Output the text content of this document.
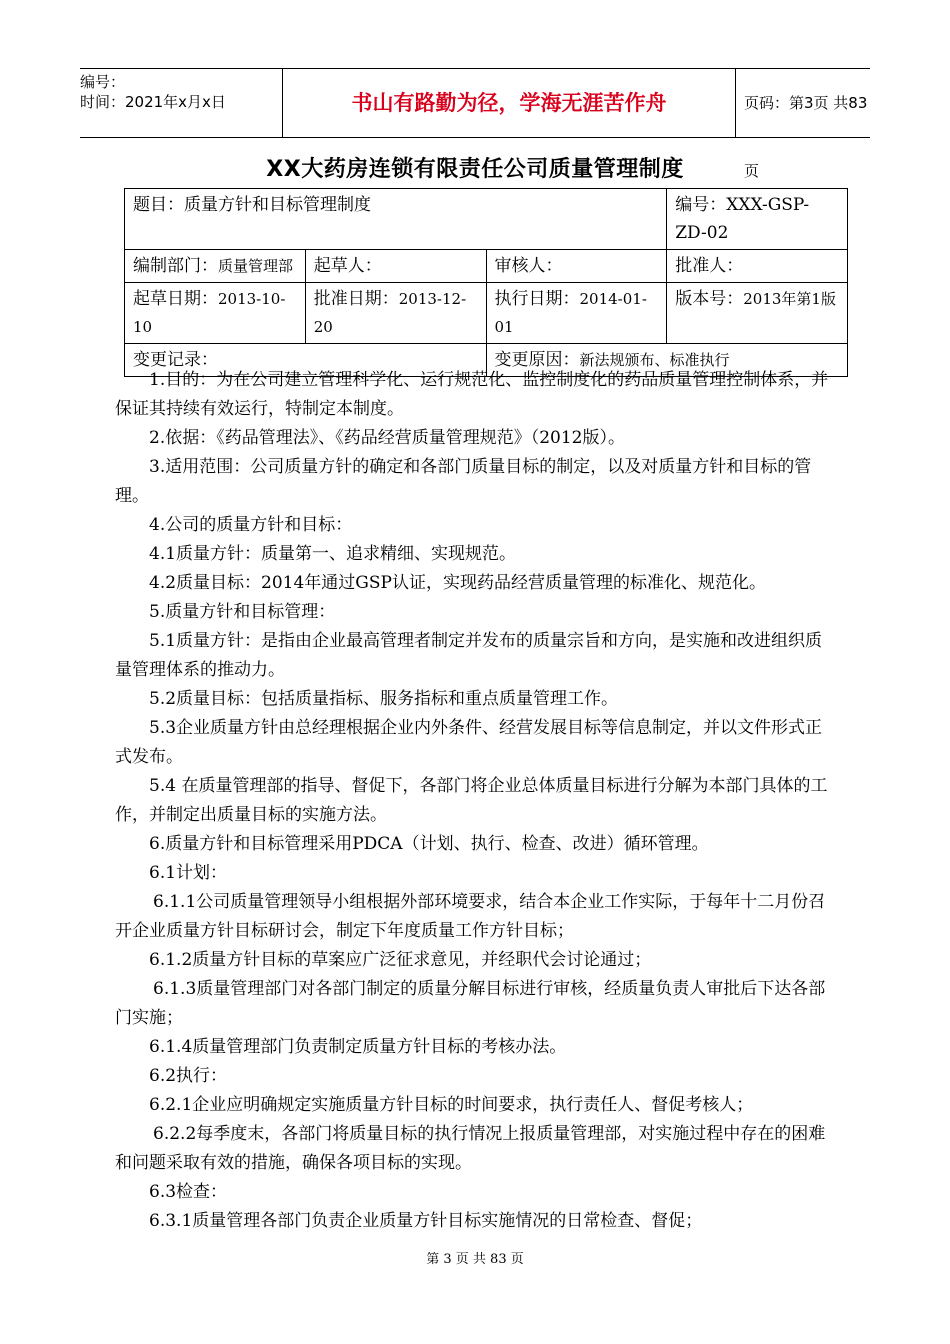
编号：
时间：2021年x月x日	书山有路勤为径，学海无涯苦作舟	页码：第3页 共83页
XX大药房连锁有限责任公司质量管理制度
题目：质量方针和目标管理制度			编号：XXX-GSP-ZD-02
编制部门：质量管理部	起草人：	审核人：	批准人：
起草日期：2013-10-10	批准日期：2013-12-20	执行日期：2014-01-01	版本号：2013年第1版
变更记录：		变更原因：新法规颁布、标准执行	

1.目的：为在公司建立管理科学化、运行规范化、监控制度化的药品质量管理控制体系，并保证其持续有效运行，特制定本制度。

2.依据：《药品管理法》、《药品经营质量管理规范》（2012版）。

3.适用范围：公司质量方针的确定和各部门质量目标的制定，以及对质量方针和目标的管理。

4.公司的质量方针和目标：

4.1质量方针：质量第一、追求精细、实现规范。

4.2质量目标：2014年通过GSP认证，实现药品经营质量管理的标准化、规范化。

5.质量方针和目标管理：

5.1质量方针：是指由企业最高管理者制定并发布的质量宗旨和方向，是实施和改进组织质量管理体系的推动力。

5.2质量目标：包括质量指标、服务指标和重点质量管理工作。

5.3企业质量方针由总经理根据企业内外条件、经营发展目标等信息制定，并以文件形式正式发布。

5.4 在质量管理部的指导、督促下，各部门将企业总体质量目标进行分解为本部门具体的工作，并制定出质量目标的实施方法。

6.质量方针和目标管理采用PDCA（计划、执行、检查、改进）循环管理。

6.1计划：

6.1.1公司质量管理领导小组根据外部环境要求，结合本企业工作实际，于每年十二月份召开企业质量方针目标研讨会，制定下年度质量工作方针目标；

6.1.2质量方针目标的草案应广泛征求意见，并经职代会讨论通过；

6.1.3质量管理部门对各部门制定的质量分解目标进行审核，经质量负责人审批后下达各部门实施；

6.1.4质量管理部门负责制定质量方针目标的考核办法。

6.2执行：

6.2.1企业应明确规定实施质量方针目标的时间要求，执行责任人、督促考核人；

6.2.2每季度末，各部门将质量目标的执行情况上报质量管理部，对实施过程中存在的困难和问题采取有效的措施，确保各项目标的实现。

6.3检查：

6.3.1质量管理各部门负责企业质量方针目标实施情况的日常检查、督促；

第 3 页 共 83 页
